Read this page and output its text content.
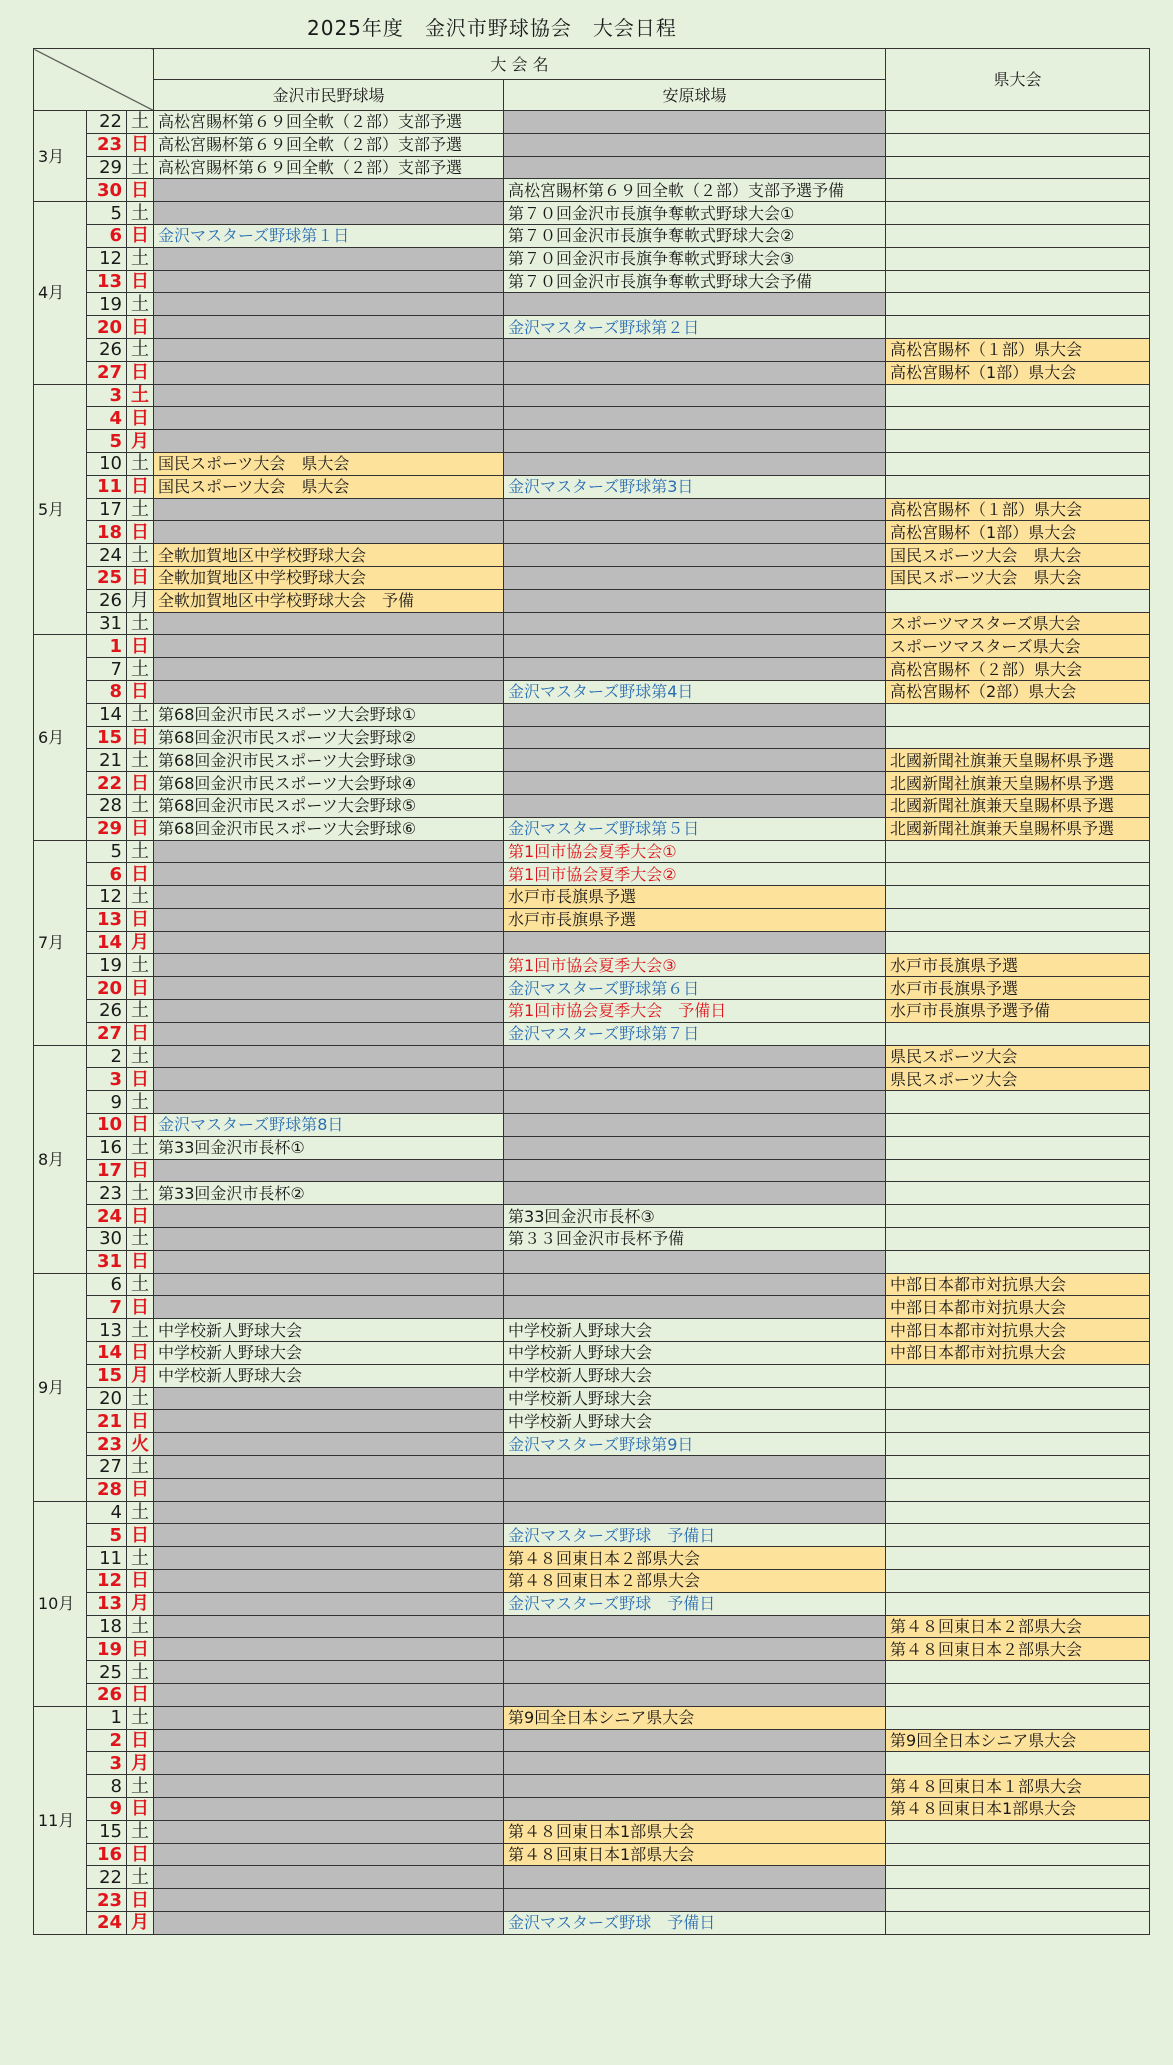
2025年度　金沢市野球協会　大会日程
			大 会 名		県大会
			金沢市民野球場	安原球場	
3月	22	土	高松宮賜杯第６９回全軟（２部）支部予選		
	23	日	高松宮賜杯第６９回全軟（２部）支部予選		
	29	土	高松宮賜杯第６９回全軟（２部）支部予選		
	30	日		高松宮賜杯第６９回全軟（２部）支部予選予備	
4月	5	土		第７０回金沢市長旗争奪軟式野球大会①	
	6	日	金沢マスターズ野球第１日	第７０回金沢市長旗争奪軟式野球大会②	
	12	土		第７０回金沢市長旗争奪軟式野球大会③	
	13	日		第７０回金沢市長旗争奪軟式野球大会予備	
	19	土			
	20	日		金沢マスターズ野球第２日	
	26	土			高松宮賜杯（１部）県大会
	27	日			高松宮賜杯（1部）県大会
5月	3	土			
	4	日			
	5	月			
	10	土	国民スポーツ大会　県大会		
	11	日	国民スポーツ大会　県大会	金沢マスターズ野球第3日	
	17	土			高松宮賜杯（１部）県大会
	18	日			高松宮賜杯（1部）県大会
	24	土	全軟加賀地区中学校野球大会		国民スポーツ大会　県大会
	25	日	全軟加賀地区中学校野球大会		国民スポーツ大会　県大会
	26	月	全軟加賀地区中学校野球大会　予備		
	31	土			スポーツマスターズ県大会
6月	1	日			スポーツマスターズ県大会
	7	土			高松宮賜杯（２部）県大会
	8	日		金沢マスターズ野球第4日	高松宮賜杯（2部）県大会
	14	土	第68回金沢市民スポーツ大会野球①		
	15	日	第68回金沢市民スポーツ大会野球②		
	21	土	第68回金沢市民スポーツ大会野球③		北國新聞社旗兼天皇賜杯県予選
	22	日	第68回金沢市民スポーツ大会野球④		北國新聞社旗兼天皇賜杯県予選
	28	土	第68回金沢市民スポーツ大会野球⑤		北國新聞社旗兼天皇賜杯県予選
	29	日	第68回金沢市民スポーツ大会野球⑥	金沢マスターズ野球第５日	北國新聞社旗兼天皇賜杯県予選
7月	5	土		第1回市協会夏季大会①	
	6	日		第1回市協会夏季大会②	
	12	土		水戸市長旗県予選	
	13	日		水戸市長旗県予選	
	14	月			
	19	土		第1回市協会夏季大会③	水戸市長旗県予選
	20	日		金沢マスターズ野球第６日	水戸市長旗県予選
	26	土		第1回市協会夏季大会　予備日	水戸市長旗県予選予備
	27	日		金沢マスターズ野球第７日	
8月	2	土			県民スポーツ大会
	3	日			県民スポーツ大会
	9	土			
	10	日	金沢マスターズ野球第8日		
	16	土	第33回金沢市長杯①		
	17	日			
	23	土	第33回金沢市長杯②		
	24	日		第33回金沢市長杯③	
	30	土		第３３回金沢市長杯予備	
	31	日			
9月	6	土			中部日本都市対抗県大会
	7	日			中部日本都市対抗県大会
	13	土	中学校新人野球大会	中学校新人野球大会	中部日本都市対抗県大会
	14	日	中学校新人野球大会	中学校新人野球大会	中部日本都市対抗県大会
	15	月	中学校新人野球大会	中学校新人野球大会	
	20	土		中学校新人野球大会	
	21	日		中学校新人野球大会	
	23	火		金沢マスターズ野球第9日	
	27	土			
	28	日			
10月	4	土			
	5	日		金沢マスターズ野球　予備日	
	11	土		第４８回東日本２部県大会	
	12	日		第４８回東日本２部県大会	
	13	月		金沢マスターズ野球　予備日	
	18	土			第４８回東日本２部県大会
	19	日			第４８回東日本２部県大会
	25	土			
	26	日			
11月	1	土		第9回全日本シニア県大会	
	2	日			第9回全日本シニア県大会
	3	月			
	8	土			第４８回東日本１部県大会
	9	日			第４８回東日本1部県大会
	15	土		第４８回東日本1部県大会	
	16	日		第４８回東日本1部県大会	
	22	土			
	23	日			
	24	月		金沢マスターズ野球　予備日	
